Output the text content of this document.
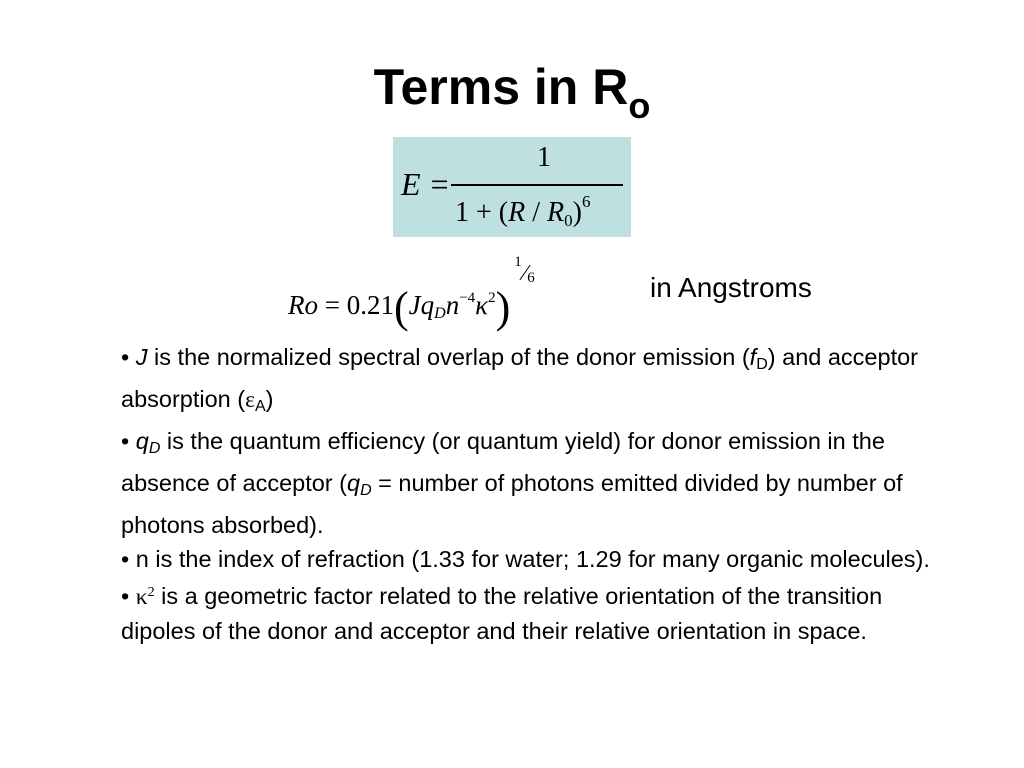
Terms in $R_o$
E =
1
$1 + (R / R_0)^6$
$Ro = 0.21(Jq_Dn^{-4}\kappa^2)$
1
6	in Angstroms

• J is the normalized spectral overlap of the donor emission $(f_D)$ and acceptor absorption $(\varepsilon_A)$

• $q_D$ is the quantum efficiency (or quantum yield) for donor emission in the absence of acceptor ($q_D$ = number of photons emitted divided by number of photons absorbed).

• n is the index of refraction (1.33 for water; 1.29 for many organic molecules).

• $\kappa^2$ is a geometric factor related to the relative orientation of the transition dipoles of the donor and acceptor and their relative orientation in space.
